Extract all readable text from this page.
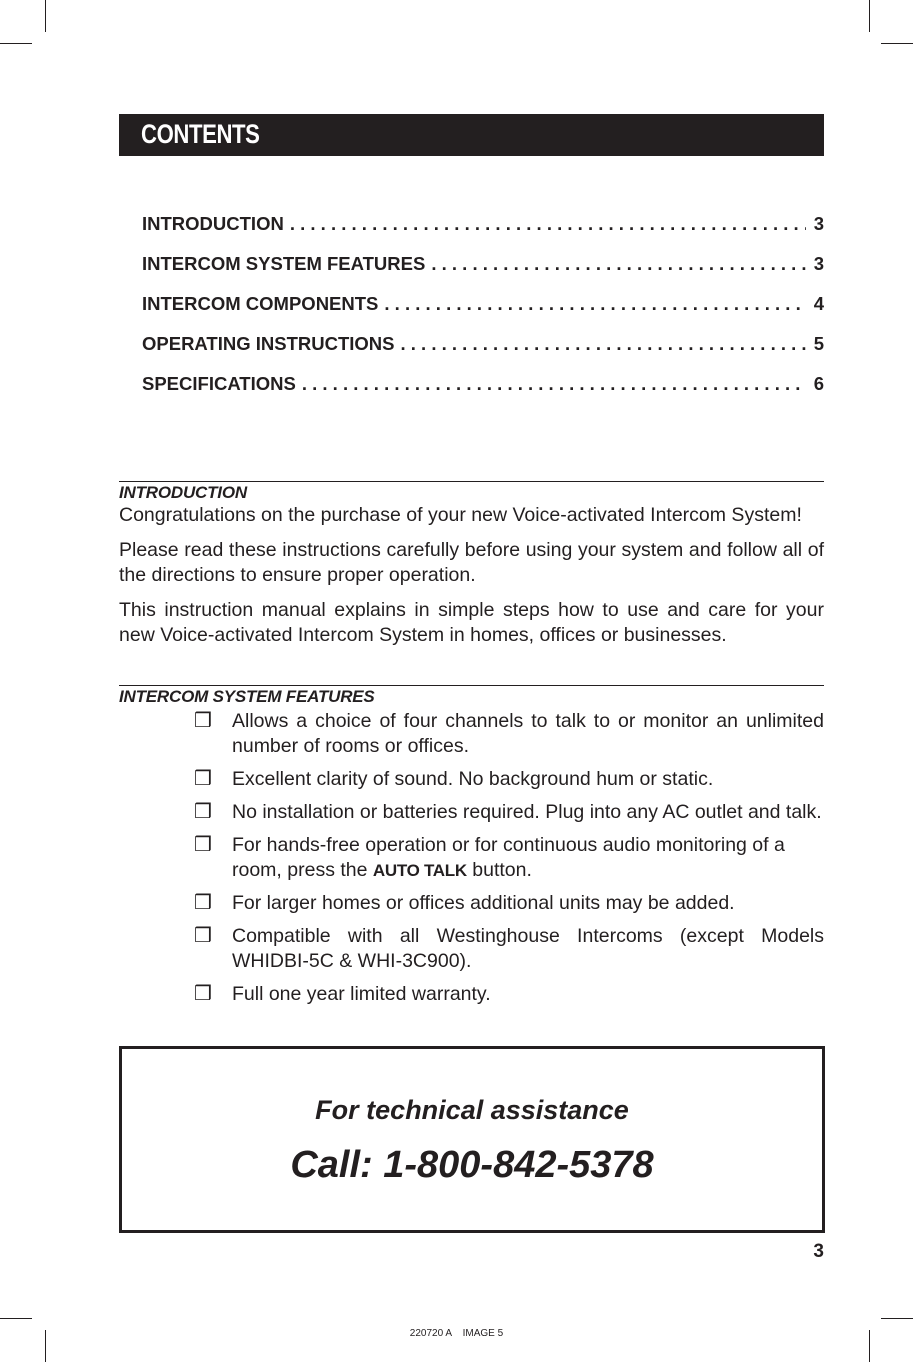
CONTENTS
INTRODUCTION . . .	3
INTERCOM SYSTEM FEATURES . . .	3
INTERCOM COMPONENTS . . .	4
OPERATING INSTRUCTIONS . . .	5
SPECIFICATIONS . . .	6
INTRODUCTION

Congratulations on the purchase of your new Voice-activated Intercom System!

Please read these instructions carefully before using your system and follow all of the directions to ensure proper operation.

This instruction manual explains in simple steps how to use and care for your new Voice-activated Intercom System in homes, offices or businesses.

INTERCOM SYSTEM FEATURES
❒	Allows a choice of four channels to talk to or monitor an unlimited number of rooms or offices.
❒	Excellent clarity of sound. No background hum or static.
❒	No installation or batteries required. Plug into any AC outlet and talk.
❒	For hands-free operation or for continuous audio monitoring of a room, press the AUTO TALK button.
❒	For larger homes or offices additional units may be added.
❒	Compatible with all Westinghouse Intercoms (except Models WHIDBI-5C & WHI-3C900).
❒	Full one year limited warranty.
For technical assistance
Call: 1-800-842-5378
3
220720 A    IMAGE 5
